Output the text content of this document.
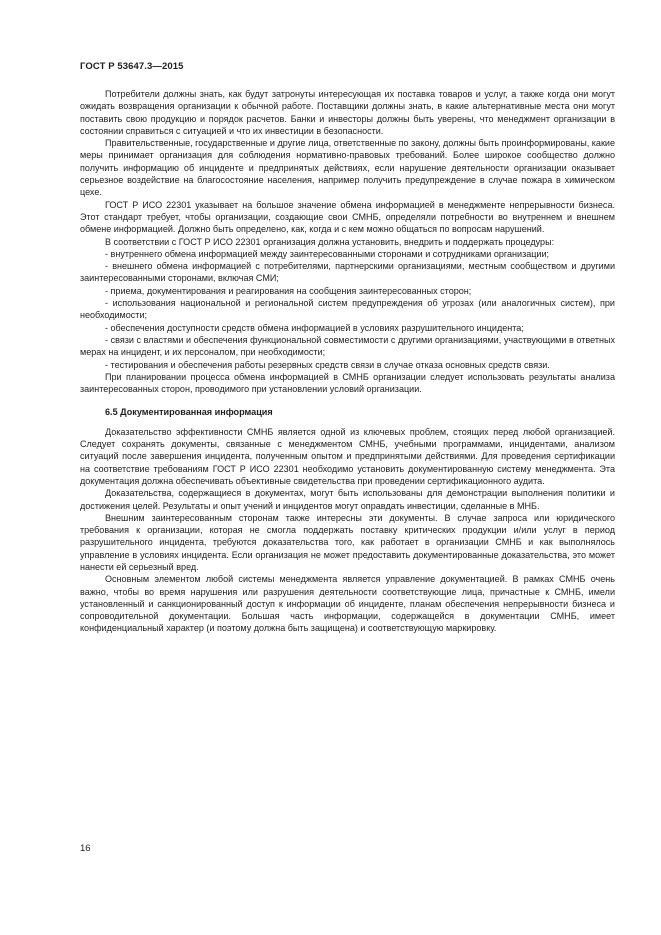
ГОСТ Р 53647.3—2015

Потребители должны знать, как будут затронуты интересующая их поставка товаров и услуг, а также когда они могут ожидать возвращения организации к обычной работе. Поставщики должны знать, в какие альтернативные места они могут поставить свою продукцию и порядок расчетов. Банки и инвесторы должны быть уверены, что менеджмент организации в состоянии справиться с ситуацией и что их инвестиции в безопасности.

Правительственные, государственные и другие лица, ответственные по закону, должны быть проинформированы, какие меры принимает организация для соблюдения нормативно-правовых требований. Более широкое сообщество должно получить информацию об инциденте и предпринятых действиях, если нарушение деятельности организации оказывает серьезное воздействие на благосостояние населения, например получить предупреждение в случае пожара в химическом цехе.

ГОСТ Р ИСО 22301 указывает на большое значение обмена информацией в менеджменте непрерывности бизнеса. Этот стандарт требует, чтобы организации, создающие свои СМНБ, определяли потребности во внутреннем и внешнем обмене информацией. Должно быть определено, как, когда и с кем можно общаться по вопросам нарушений.

В соответствии с ГОСТ Р ИСО 22301 организация должна установить, внедрить и поддержать процедуры:

- внутреннего обмена информацией между заинтересованными сторонами и сотрудниками организации;

- внешнего обмена информацией с потребителями, партнерскими организациями, местным сообществом и другими заинтересованными сторонами, включая СМИ;

- приема, документирования и реагирования на сообщения заинтересованных сторон;

- использования национальной и региональной систем предупреждения об угрозах (или аналогичных систем), при необходимости;

- обеспечения доступности средств обмена информацией в условиях разрушительного инцидента;

- связи с властями и обеспечения функциональной совместимости с другими организациями, участвующими в ответных мерах на инцидент, и их персоналом, при необходимости;

- тестирования и обеспечения работы резервных средств связи в случае отказа основных средств связи.

При планировании процесса обмена информацией в СМНБ организации следует использовать результаты анализа заинтересованных сторон, проводимого при установлении условий организации.

6.5 Документированная информация

Доказательство эффективности СМНБ является одной из ключевых проблем, стоящих перед любой организацией. Следует сохранять документы, связанные с менеджментом СМНБ, учебными программами, инцидентами, анализом ситуаций после завершения инцидента, полученным опытом и предпринятыми действиями. Для проведения сертификации на соответствие требованиям ГОСТ Р ИСО 22301 необходимо установить документированную систему менеджмента. Эта документация должна обеспечивать объективные свидетельства при проведении сертификационного аудита.

Доказательства, содержащиеся в документах, могут быть использованы для демонстрации выполнения политики и достижения целей. Результаты и опыт учений и инцидентов могут оправдать инвестиции, сделанные в МНБ.

Внешним заинтересованным сторонам также интересны эти документы. В случае запроса или юридического требования к организации, которая не смогла поддержать поставку критических продукции и/или услуг в период разрушительного инцидента, требуются доказательства того, как работает в организации СМНБ и как выполнялось управление в условиях инцидента. Если организация не может предоставить документированные доказательства, это может нанести ей серьезный вред.

Основным элементом любой системы менеджмента является управление документацией. В рамках СМНБ очень важно, чтобы во время нарушения или разрушения деятельности соответствующие лица, причастные к СМНБ, имели установленный и санкционированный доступ к информации об инциденте, планам обеспечения непрерывности бизнеса и сопроводительной документации. Большая часть информации, содержащейся в документации СМНБ, имеет конфиденциальный характер (и поэтому должна быть защищена) и соответствующую маркировку.

16
